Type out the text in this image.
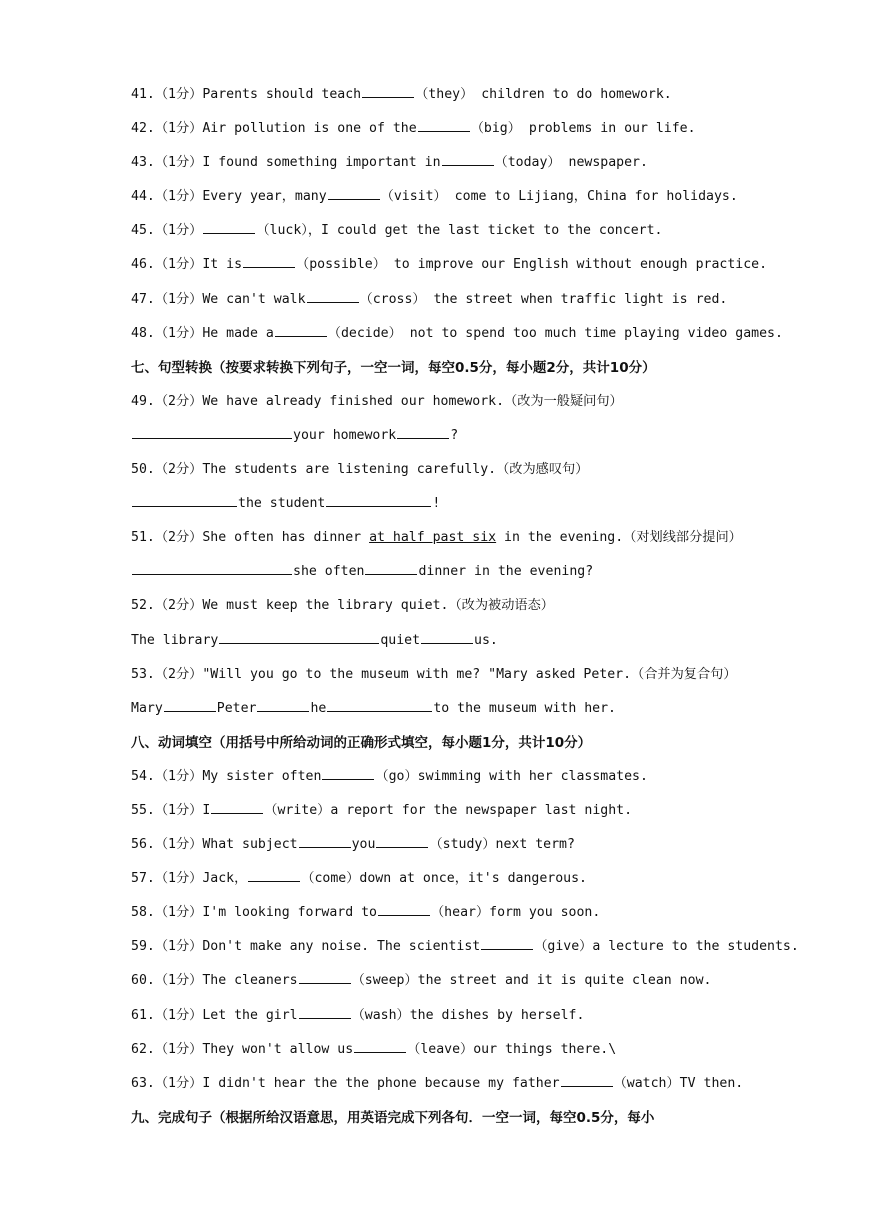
41.（1分）Parents should teach	（they） children to do homework.
42.（1分）Air pollution is one of the	（big） problems in our life.
43.（1分）I found something important in	（today） newspaper.
44.（1分）Every year，many	（visit） come to Lijiang，China for holidays.
45.（1分）	（luck），I could get the last ticket to the concert.
46.（1分）It is	（possible） to improve our English without enough practice.
47.（1分）We can't walk	（cross） the street when traffic light is red.
48.（1分）He made a	（decide） not to spend too much time playing video games.
七、句型转换（按要求转换下列句子，一空一词，每空0.5分，每小题2分，共计10分）
49.（2分）We have already finished our homework.（改为一般疑问句）
your homework	?
50.（2分）The students are listening carefully.（改为感叹句）
the student	!
51.（2分）She often has dinner at half past six in the evening.（对划线部分提问）
she often	dinner in the evening?
52.（2分）We must keep the library quiet.（改为被动语态）
The library	quiet	us.
53.（2分）"Will you go to the museum with me? "Mary asked Peter.（合并为复合句）
Mary	Peter	he	to the museum with her.
八、动词填空（用括号中所给动词的正确形式填空，每小题1分，共计10分）
54.（1分）My sister often	（go）swimming with her classmates.
55.（1分）I	（write）a report for the newspaper last night.
56.（1分）What subject	you	（study）next term?
57.（1分）Jack，	（come）down at once，it's dangerous.
58.（1分）I'm looking forward to	（hear）form you soon.
59.（1分）Don't make any noise. The scientist	（give）a lecture to the students.
60.（1分）The cleaners	（sweep）the street and it is quite clean now.
61.（1分）Let the girl	（wash）the dishes by herself.
62.（1分）They won't allow us	（leave）our things there.\
63.（1分）I didn't hear the the phone because my father	（watch）TV then.
九、完成句子（根据所给汉语意思，用英语完成下列各句．一空一词，每空0.5分，每小
